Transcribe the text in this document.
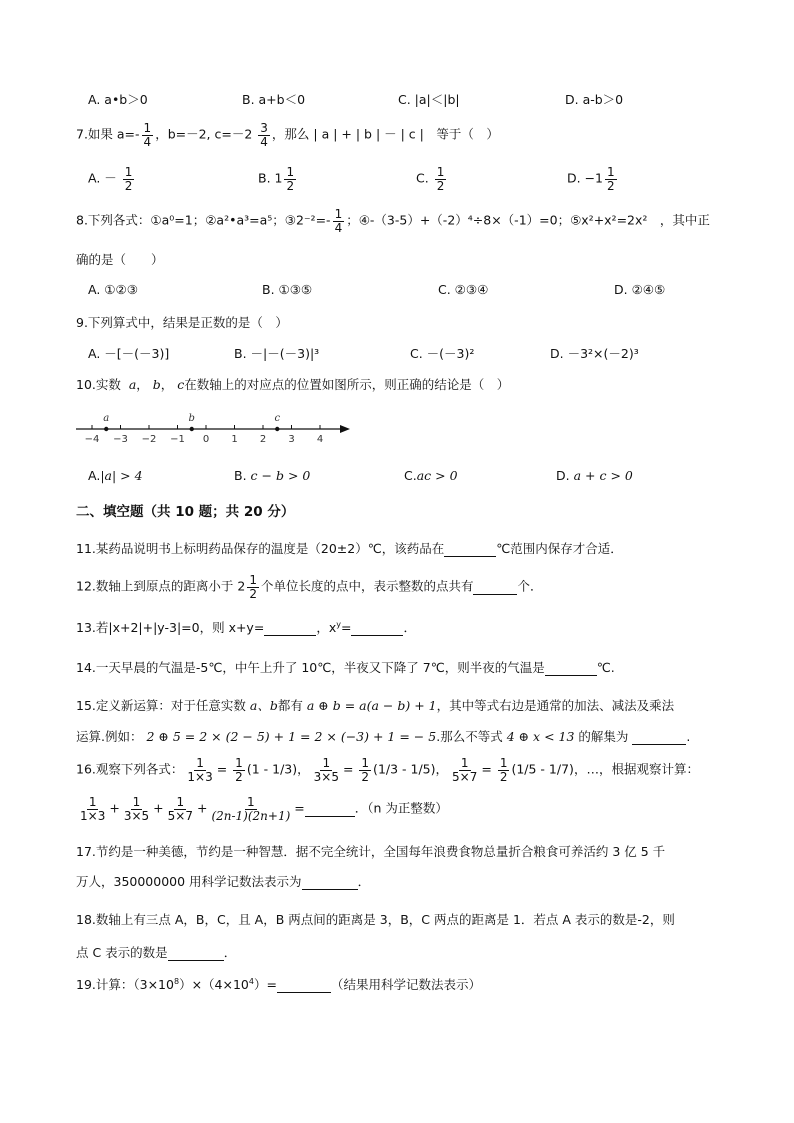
A. a•b＞0	B. a+b＜0	C. |a|＜|b|	D. a-b＞0
7.如果 $a=- \frac{1}{4}$ ，b=－2, $c=-2 \frac{3}{4}$ ，那么 | a | + | b | － | c |　等于（　）
A. － $\frac{1}{2}$	B. $1 \frac{1}{2}$	C. $\frac{1}{2}$	D. $-1 \frac{1}{2}$
8.下列各式：①a⁰=1；②a²•a³=a⁵；③2⁻²=- $\frac{1}{4}$ ；④-（3-5）+（-2）⁴÷8×（-1）=0；⑤x²+x²=2x²　，其中正
确的是（　　）
A. ①②③	B. ①③⑤	C. ②③④	D. ②④⑤
9.下列算式中，结果是正数的是（　）
A. －[－(－3)]	B. －|－(－3)|³	C. －(－3)²	D. －3²×(－2)³
10.实数 a， b， c在数轴上的对应点的位置如图所示，则正确的结论是（　）
−4 −3 −2 −1 0 1 2 3 4
a	b	c
A.|a| > 4	B. c − b > 0	C.ac > 0	D. a + c > 0
二、填空题（共 10 题；共 20 分）
11.某药品说明书上标明药品保存的温度是（20±2）℃，该药品在	℃范围内保存才合适．
12.数轴上到原点的距离小于 $2 \frac{1}{2}$ 个单位长度的点中，表示整数的点共有	个．
13.若|x+2|+|y-3|=0，则 x+y=	，$x^y=$	．
14.一天早晨的气温是-5℃，中午上升了 10℃，半夜又下降了 7℃，则半夜的气温是	℃.
15.定义新运算：对于任意实数 a、b都有 a ⊕ b = a(a − b) + 1，其中等式右边是通常的加法、减法及乘法
运算.例如： 2 ⊕ 5 = 2 × (2 − 5) + 1 = 2 × (−3) + 1 = − 5.那么不等式 4 ⊕ x < 13 的解集为	.
16.观察下列各式： $\frac{1}{1\times 3} = \frac{1}{2} (1 - 1/3)$， $\frac{1}{3\times 5} = \frac{1}{2} (1/3 - 1/5)$， $\frac{1}{5\times 7} = \frac{1}{2} (1/5 - 1/7)$，…，根据观察计算：
$\frac{1}{1\times 3} + \frac{1}{3\times 5} + \frac{1}{5\times 7} + \frac{1}{(2n-1)(2n+1)}$ =	．（n 为正整数）
17.节约是一种美德，节约是一种智慧．据不完全统计，全国每年浪费食物总量折合粮食可养活约 3 亿 5 千
万人，350000000 用科学记数法表示为	．
18.数轴上有三点 A，B，C，且 A，B 两点间的距离是 3，B，C 两点的距离是 1．若点 A 表示的数是-2，则
点 C 表示的数是	．
19.计算：$(3\times 10^8)\times(4\times 10^4)=$	（结果用科学记数法表示）
